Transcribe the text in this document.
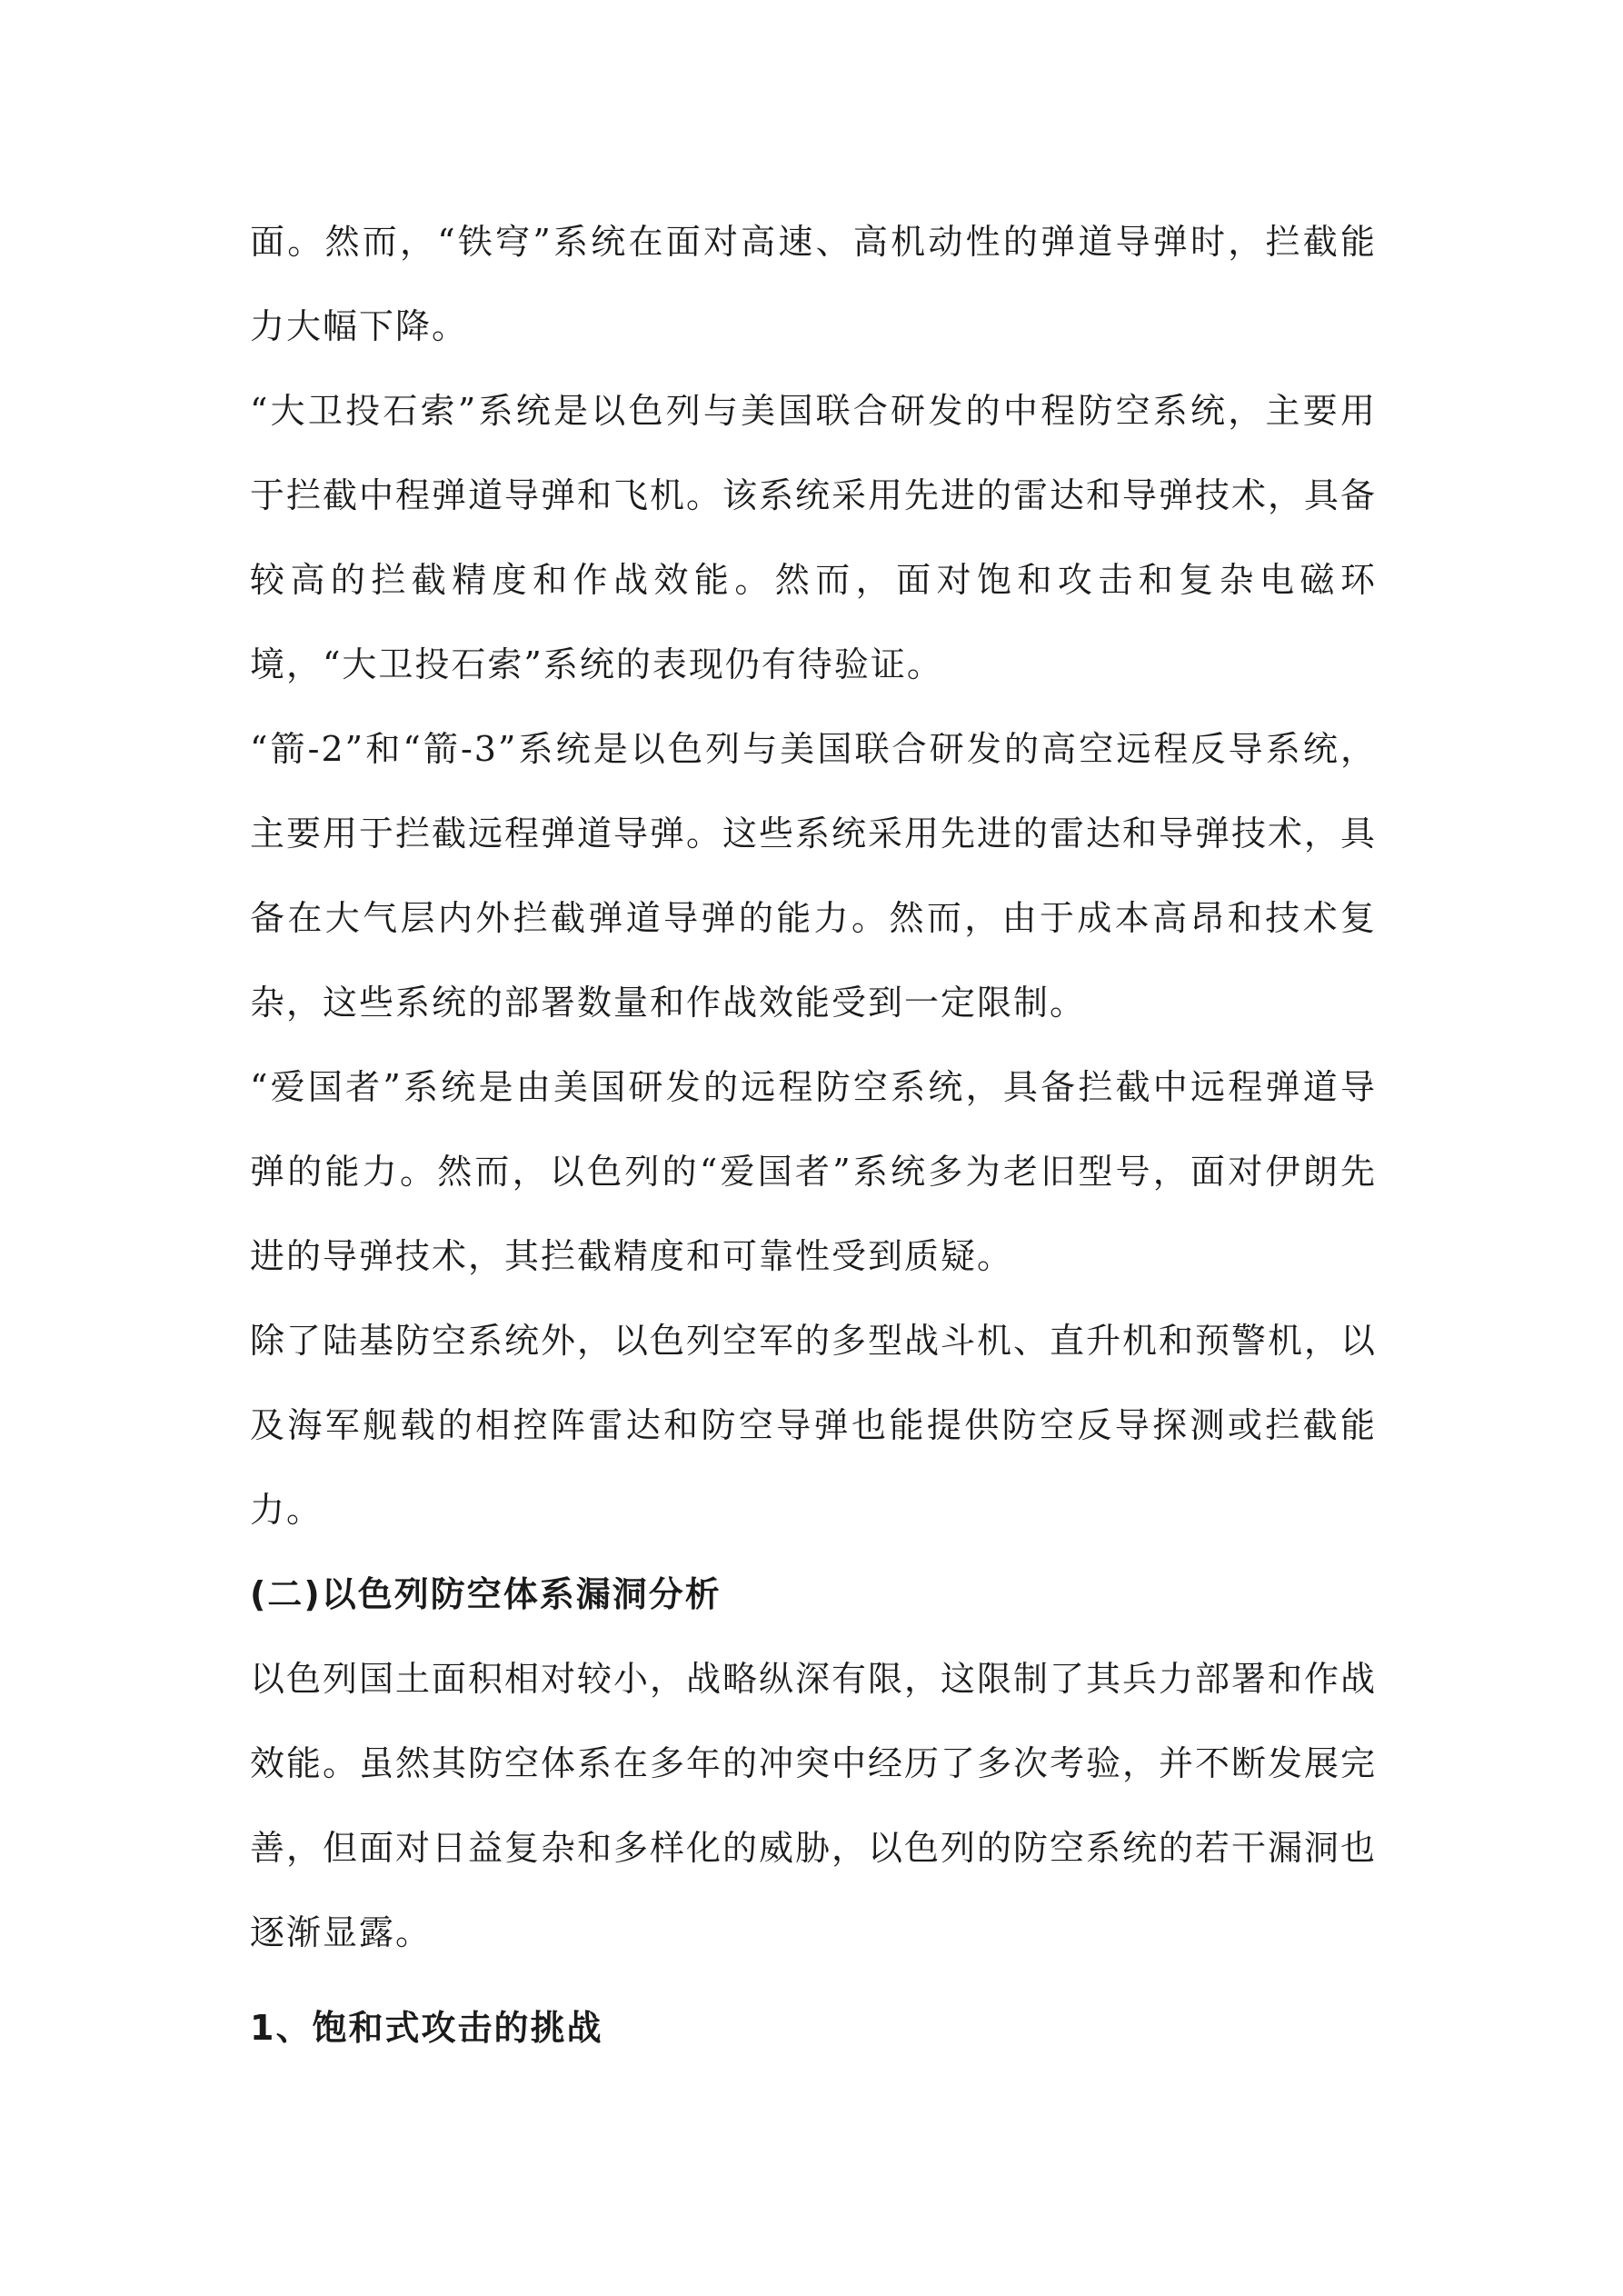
面。然而，“铁穹”系统在面对高速、高机动性的弹道导弹时，拦截能力大幅下降。

“大卫投石索”系统是以色列与美国联合研发的中程防空系统，主要用于拦截中程弹道导弹和飞机。该系统采用先进的雷达和导弹技术，具备较高的拦截精度和作战效能。然而，面对饱和攻击和复杂电磁环境，“大卫投石索”系统的表现仍有待验证。

“箭-2”和“箭-3”系统是以色列与美国联合研发的高空远程反导系统，主要用于拦截远程弹道导弹。这些系统采用先进的雷达和导弹技术，具备在大气层内外拦截弹道导弹的能力。然而，由于成本高昂和技术复杂，这些系统的部署数量和作战效能受到一定限制。

“爱国者”系统是由美国研发的远程防空系统，具备拦截中远程弹道导弹的能力。然而，以色列的“爱国者”系统多为老旧型号，面对伊朗先进的导弹技术，其拦截精度和可靠性受到质疑。

除了陆基防空系统外，以色列空军的多型战斗机、直升机和预警机，以及海军舰载的相控阵雷达和防空导弹也能提供防空反导探测或拦截能力。

(二)以色列防空体系漏洞分析

以色列国土面积相对较小，战略纵深有限，这限制了其兵力部署和作战效能。虽然其防空体系在多年的冲突中经历了多次考验，并不断发展完善，但面对日益复杂和多样化的威胁，以色列的防空系统的若干漏洞也逐渐显露。

1、饱和式攻击的挑战
